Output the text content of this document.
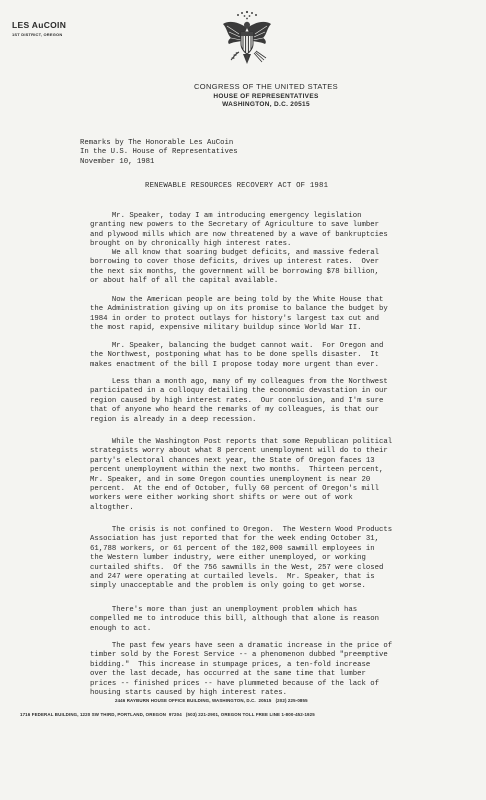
LES AuCOIN
1ST DISTRICT, OREGON
CONGRESS OF THE UNITED STATES
HOUSE OF REPRESENTATIVES
WASHINGTON, D.C. 20515
Remarks by The Honorable Les AuCoin
In the U.S. House of Representatives
November 10, 1981
RENEWABLE RESOURCES RECOVERY ACT OF 1981
Mr. Speaker, today I am introducing emergency legislation
granting new powers to the Secretary of Agriculture to save lumber
and plywood mills which are now threatened by a wave of bankruptcies
brought on by chronically high interest rates.
We all know that soaring budget deficits, and massive federal
borrowing to cover those deficits, drives up interest rates.  Over
the next six months, the government will be borrowing $78 billion,
or about half of all the capital available.
Now the American people are being told by the White House that
the Administration giving up on its promise to balance the budget by
1984 in order to protect outlays for history's largest tax cut and
the most rapid, expensive military buildup since World War II.
Mr. Speaker, balancing the budget cannot wait.  For Oregon and
the Northwest, postponing what has to be done spells disaster.  It
makes enactment of the bill I propose today more urgent than ever.
Less than a month ago, many of my colleagues from the Northwest
participated in a colloquy detailing the economic devastation in our
region caused by high interest rates.  Our conclusion, and I'm sure
that of anyone who heard the remarks of my colleagues, is that our
region is already in a deep recession.
While the Washington Post reports that some Republican political
strategists worry about what 8 percent unemployment will do to their
party's electoral chances next year, the State of Oregon faces 13
percent unemployment within the next two months.  Thirteen percent,
Mr. Speaker, and in some Oregon counties unemployment is near 20
percent.  At the end of October, fully 60 percent of Oregon's mill
workers were either working short shifts or were out of work
altogther.
The crisis is not confined to Oregon.  The Western Wood Products
Association has just reported that for the week ending October 31,
61,788 workers, or 61 percent of the 102,000 sawmill employees in
the Western lumber industry, were either unemployed, or working
curtailed shifts.  Of the 756 sawmills in the West, 257 were closed
and 247 were operating at curtailed levels.  Mr. Speaker, that is
simply unacceptable and the problem is only going to get worse.
There's more than just an unemployment problem which has
compelled me to introduce this bill, although that alone is reason
enough to act.
The past few years have seen a dramatic increase in the price of
timber sold by the Forest Service -- a phenomenon dubbed "preemptive
bidding."  This increase in stumpage prices, a ten-fold increase
over the last decade, has occurred at the same time that lumber
prices -- finished prices -- have plummeted because of the lack of
housing starts caused by high interest rates.
2446 RAYBURN HOUSE OFFICE BUILDING, WASHINGTON, D.C.  20515   (202) 225-0855
1716 FEDERAL BUILDING, 1220 SW THIRD, PORTLAND, OREGON  97204   (503) 221-2901, OREGON TOLL FREE LINE 1-800-452-1925
